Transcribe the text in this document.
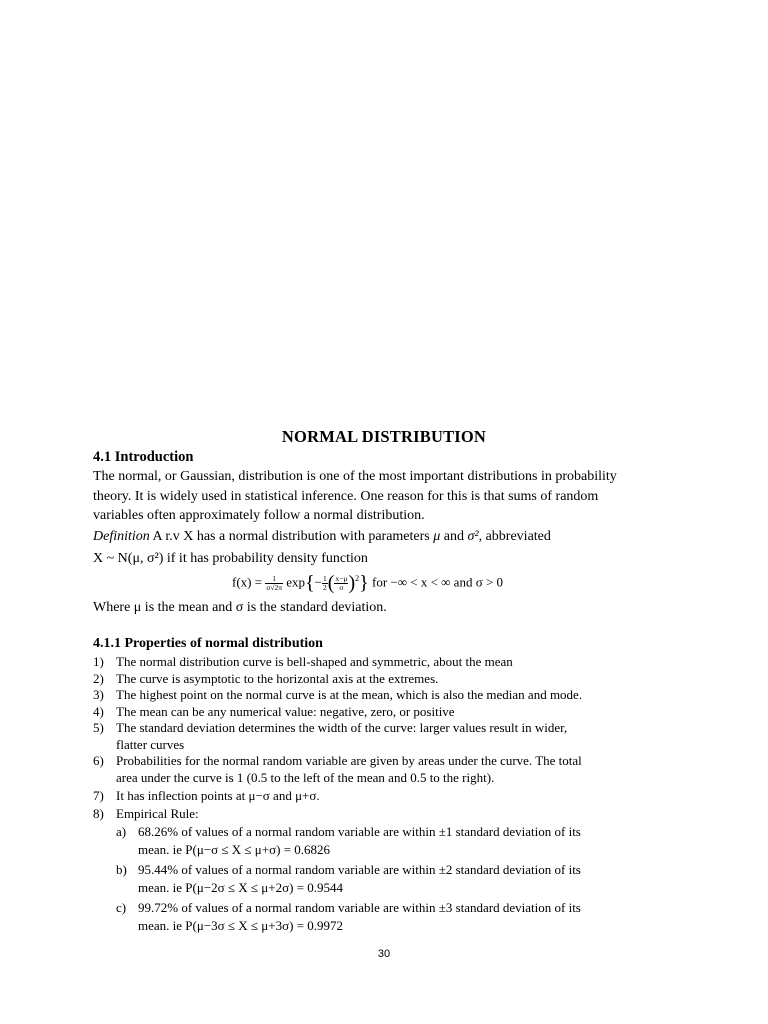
NORMAL DISTRIBUTION
4.1 Introduction
The normal, or Gaussian, distribution is one of the most important distributions in probability
theory. It is widely used in statistical inference. One reason for this is that sums of random
variables often approximately follow a normal distribution.
Definition A r.v X has a normal distribution with parameters μ and σ², abbreviated
X ~ N(μ, σ²) if it has probability density function
$f(x) = \frac{1}{\sigma√2\pi} \exp\{- \frac{1}{2}$ ( $\frac{x-\mu}{\sigma} )^2$} for −∞ < x < ∞ and σ > 0
Where μ is the mean and σ is the standard deviation.
4.1.1 Properties of normal distribution
1) The normal distribution curve is bell-shaped and symmetric, about the mean
2) The curve is asymptotic to the horizontal axis at the extremes.
3) The highest point on the normal curve is at the mean, which is also the median and mode.
4) The mean can be any numerical value: negative, zero, or positive
5) The standard deviation determines the width of the curve: larger values result in wider,
flatter curves
6) Probabilities for the normal random variable are given by areas under the curve. The total
area under the curve is 1 (0.5 to the left of the mean and 0.5 to the right).
7) It has inflection points at μ−σ and μ+σ.
8) Empirical Rule:
a) 68.26% of values of a normal random variable are within ±1 standard deviation of its
mean. ie P(μ−σ ≤ X ≤ μ+σ) = 0.6826
b) 95.44% of values of a normal random variable are within ±2 standard deviation of its
mean. ie P(μ−2σ ≤ X ≤ μ+2σ) = 0.9544
c) 99.72% of values of a normal random variable are within ±3 standard deviation of its
mean. ie P(μ−3σ ≤ X ≤ μ+3σ) = 0.9972
30
